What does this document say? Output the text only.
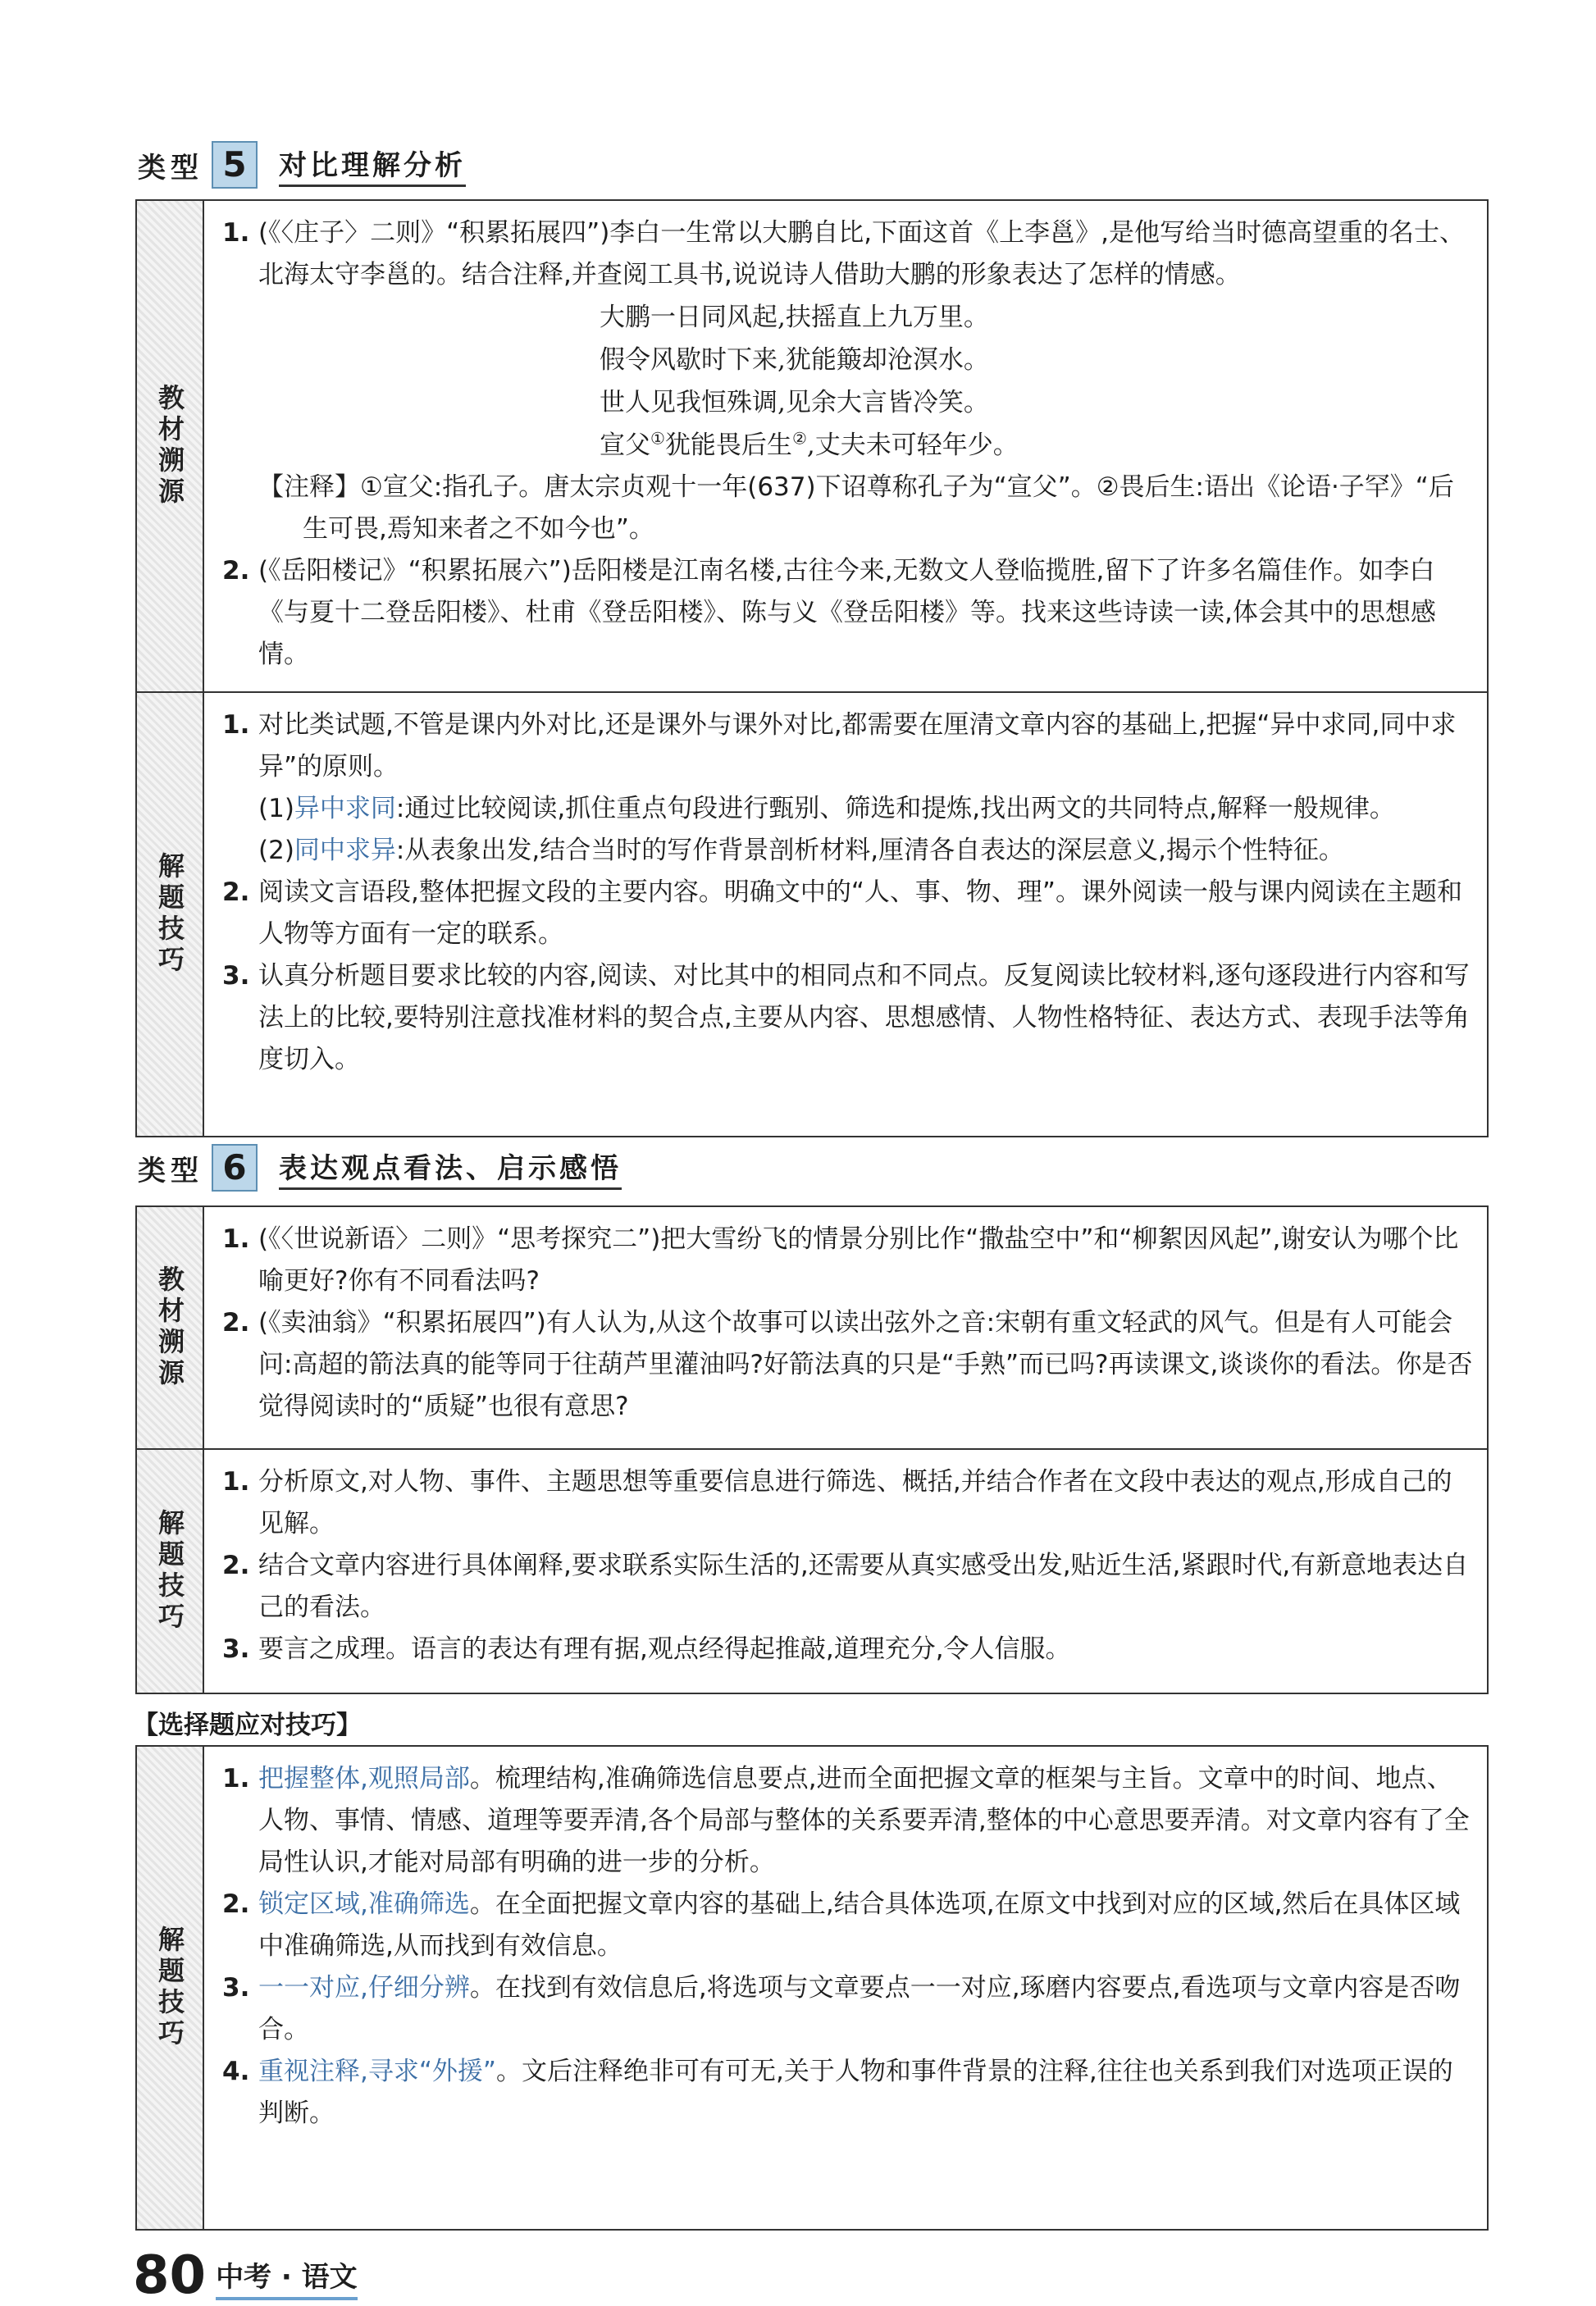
类型 5	对比理解分析
教材溯源
1. (《〈庄子〉二则》“积累拓展四”)李白一生常以大鹏自比,下面这首《上李邕》,是他写给当时德高望重的名士、北海太守李邕的。结合注释,并查阅工具书,说说诗人借助大鹏的形象表达了怎样的情感。
大鹏一日同风起,扶摇直上九万里。
假令风歇时下来,犹能簸却沧溟水。
世人见我恒殊调,见余大言皆冷笑。
宣父①犹能畏后生②,丈夫未可轻年少。
【注释】①宣父:指孔子。唐太宗贞观十一年(637)下诏尊称孔子为“宣父”。②畏后生:语出《论语·子罕》“后生可畏,焉知来者之不如今也”。
2. (《岳阳楼记》“积累拓展六”)岳阳楼是江南名楼,古往今来,无数文人登临揽胜,留下了许多名篇佳作。如李白《与夏十二登岳阳楼》、杜甫《登岳阳楼》、陈与义《登岳阳楼》等。找来这些诗读一读,体会其中的思想感情。
解题技巧
1. 对比类试题,不管是课内外对比,还是课外与课外对比,都需要在厘清文章内容的基础上,把握“异中求同,同中求异”的原则。
(1)异中求同:通过比较阅读,抓住重点句段进行甄别、筛选和提炼,找出两文的共同特点,解释一般规律。
(2)同中求异:从表象出发,结合当时的写作背景剖析材料,厘清各自表达的深层意义,揭示个性特征。
2. 阅读文言语段,整体把握文段的主要内容。明确文中的“人、事、物、理”。课外阅读一般与课内阅读在主题和人物等方面有一定的联系。
3. 认真分析题目要求比较的内容,阅读、对比其中的相同点和不同点。反复阅读比较材料,逐句逐段进行内容和写法上的比较,要特别注意找准材料的契合点,主要从内容、思想感情、人物性格特征、表达方式、表现手法等角度切入。
类型 6	表达观点看法、启示感悟
教材溯源
1. (《〈世说新语〉二则》“思考探究二”)把大雪纷飞的情景分别比作“撒盐空中”和“柳絮因风起”,谢安认为哪个比喻更好?你有不同看法吗?
2. (《卖油翁》“积累拓展四”)有人认为,从这个故事可以读出弦外之音:宋朝有重文轻武的风气。但是有人可能会问:高超的箭法真的能等同于往葫芦里灌油吗?好箭法真的只是“手熟”而已吗?再读课文,谈谈你的看法。你是否觉得阅读时的“质疑”也很有意思?
解题技巧
1. 分析原文,对人物、事件、主题思想等重要信息进行筛选、概括,并结合作者在文段中表达的观点,形成自己的见解。
2. 结合文章内容进行具体阐释,要求联系实际生活的,还需要从真实感受出发,贴近生活,紧跟时代,有新意地表达自己的看法。
3. 要言之成理。语言的表达有理有据,观点经得起推敲,道理充分,令人信服。
【选择题应对技巧】
解题技巧
1. 把握整体,观照局部。梳理结构,准确筛选信息要点,进而全面把握文章的框架与主旨。文章中的时间、地点、人物、事情、情感、道理等要弄清,各个局部与整体的关系要弄清,整体的中心意思要弄清。对文章内容有了全局性认识,才能对局部有明确的进一步的分析。
2. 锁定区域,准确筛选。在全面把握文章内容的基础上,结合具体选项,在原文中找到对应的区域,然后在具体区域中准确筛选,从而找到有效信息。
3. 一一对应,仔细分辨。在找到有效信息后,将选项与文章要点一一对应,琢磨内容要点,看选项与文章内容是否吻合。
4. 重视注释,寻求“外援”。文后注释绝非可有可无,关于人物和事件背景的注释,往往也关系到我们对选项正误的判断。
80 中考 · 语文
